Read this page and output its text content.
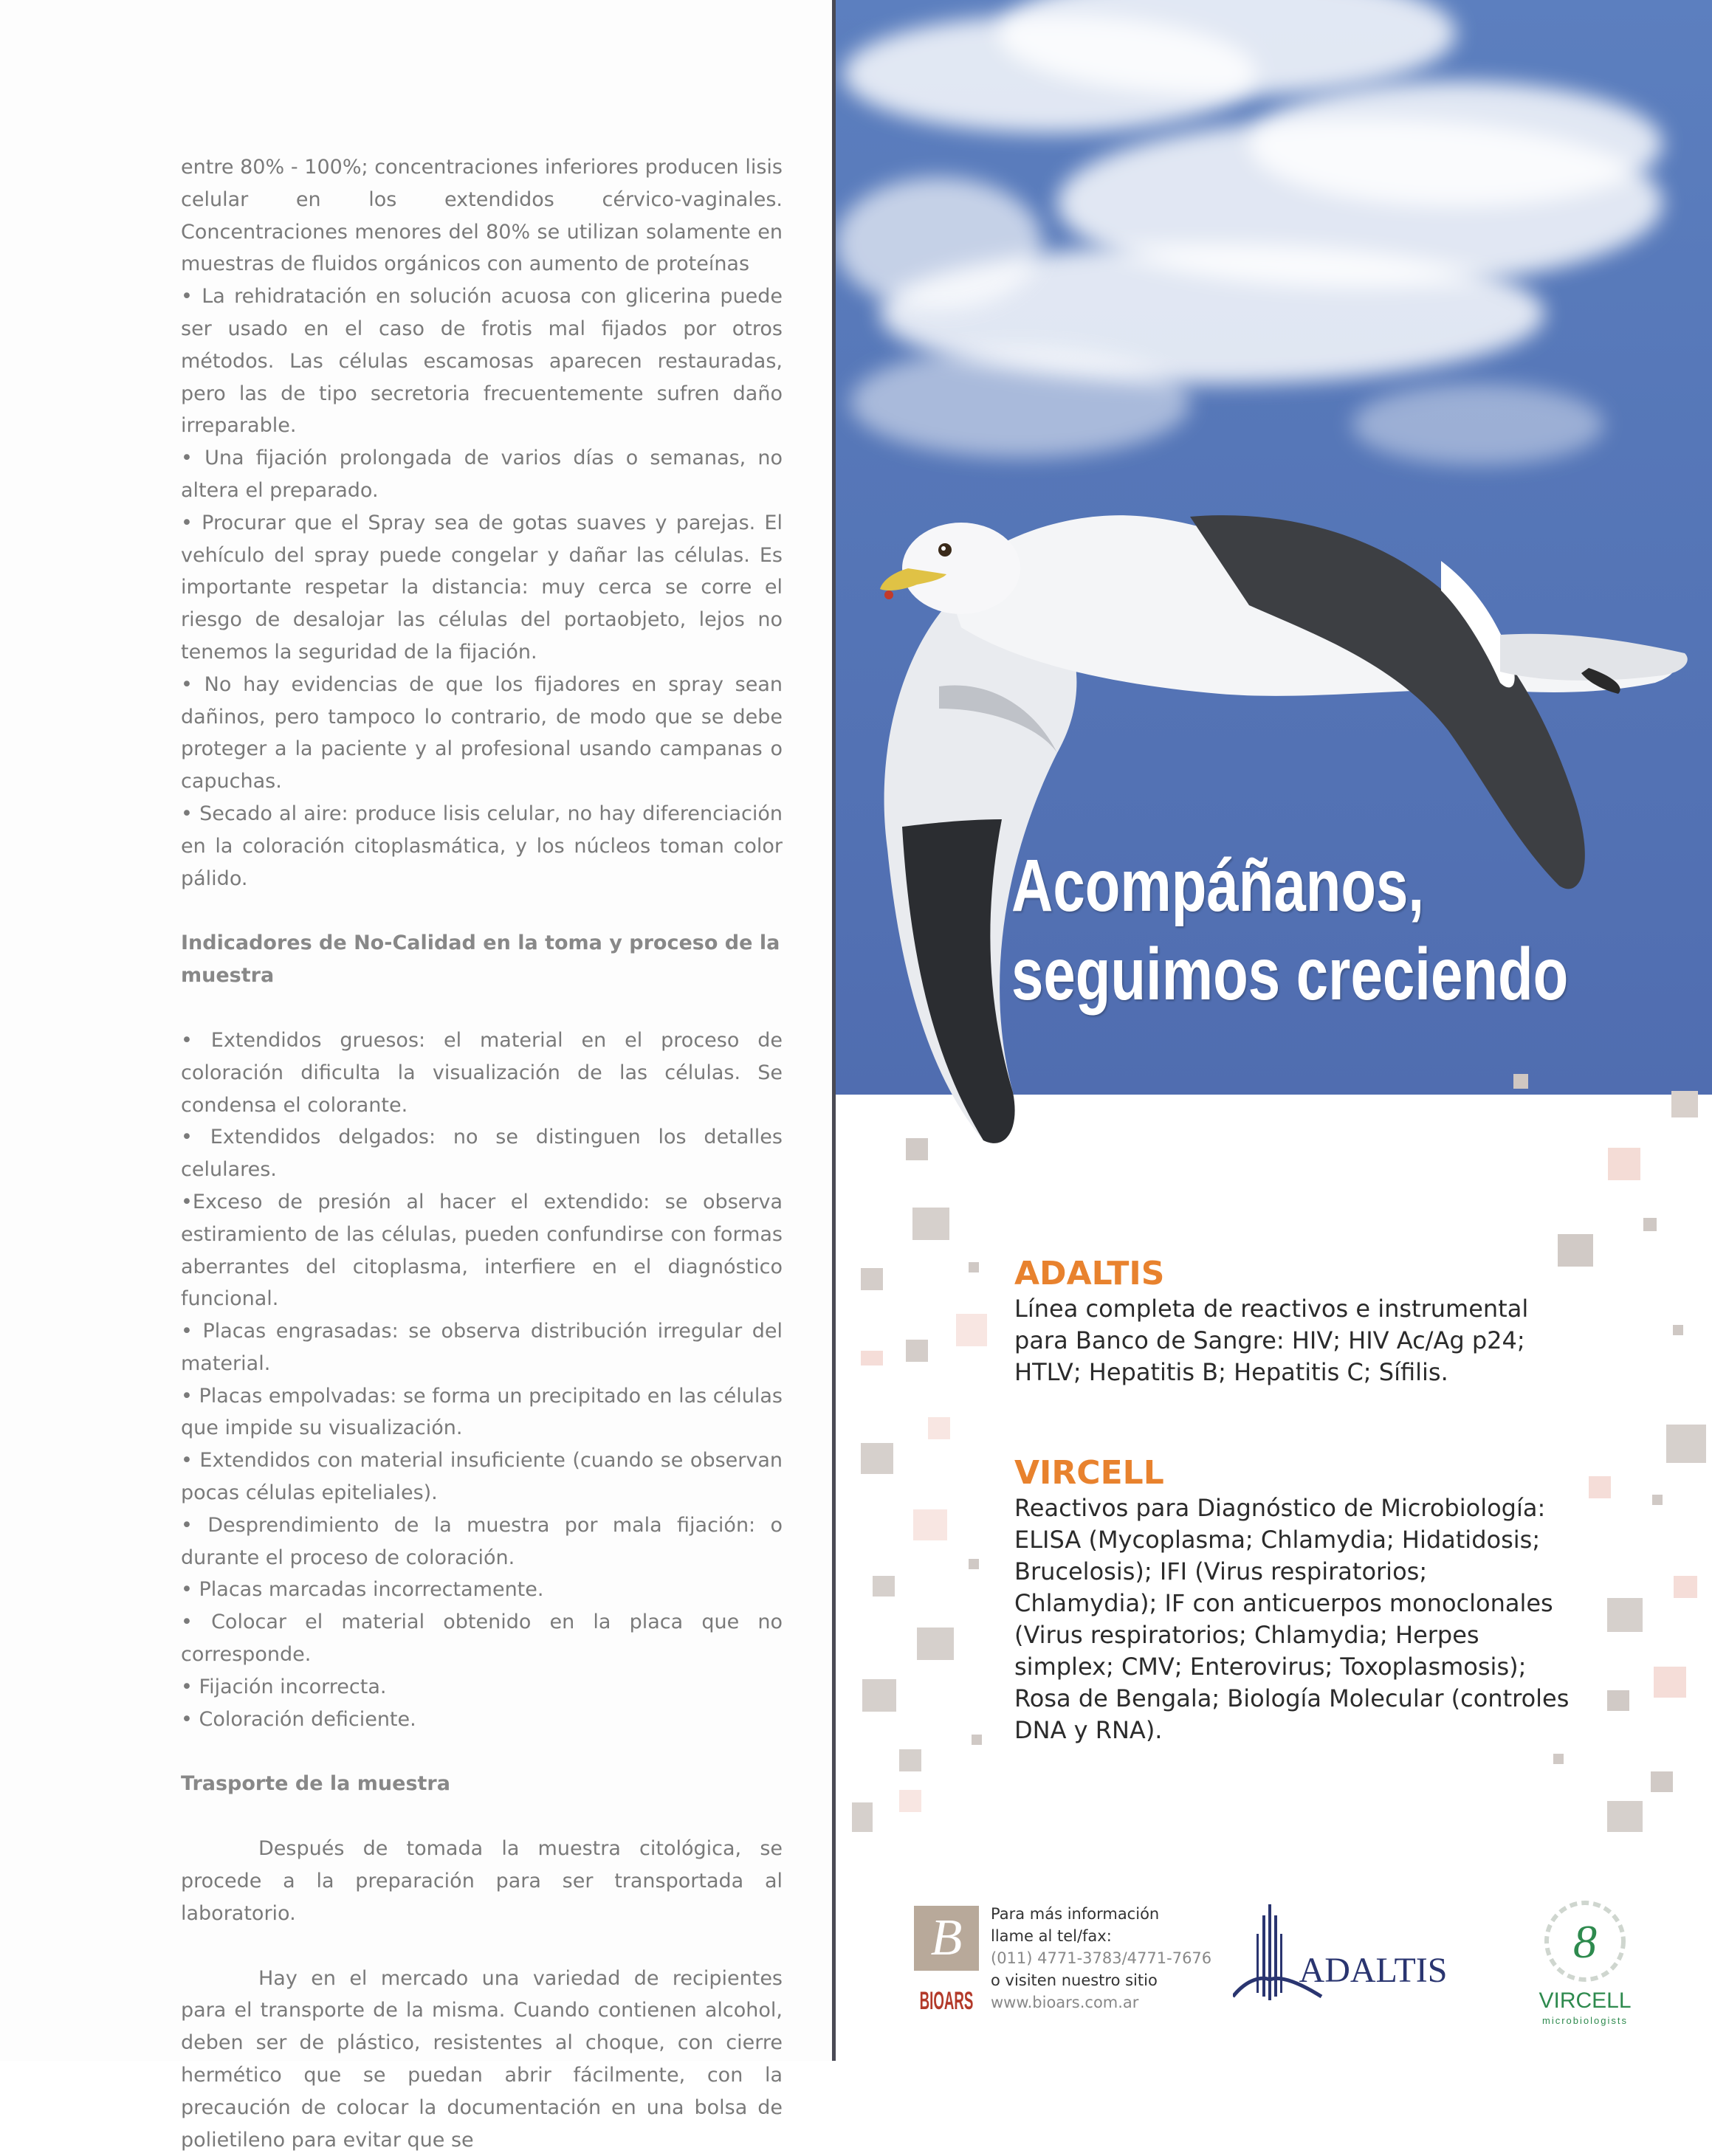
entre 80% - 100%; concentraciones inferiores producen lisis celular en los extendidos cérvico-vaginales. Concentraciones menores del 80% se utilizan solamente en muestras de fluidos orgánicos con aumento de proteínas

• La rehidratación en solución acuosa con glicerina puede ser usado en el caso de frotis mal fijados por otros métodos. Las células escamosas aparecen restauradas, pero las de tipo secretoria frecuentemente sufren daño irreparable.

• Una fijación prolongada de varios días o semanas, no altera el preparado.

• Procurar que el Spray sea de gotas suaves y parejas. El vehículo del spray puede congelar y dañar las células. Es importante respetar la distancia: muy cerca se corre el riesgo de desalojar las células del portaobjeto, lejos no tenemos la seguridad de la fijación.

• No hay evidencias de que los fijadores en spray sean dañinos, pero tampoco lo contrario, de modo que se debe proteger a la paciente y al profesional usando campanas o capuchas.

• Secado al aire: produce lisis celular, no hay diferenciación en la coloración citoplasmática, y los núcleos toman color pálido.

Indicadores de No-Calidad en la toma y proceso de la muestra

• Extendidos gruesos: el material en el proceso de coloración dificulta la visualización de las células. Se condensa el colorante.

• Extendidos delgados: no se distinguen los detalles celulares.

•Exceso de presión al hacer el extendido: se observa estiramiento de las células, pueden confundirse con formas aberrantes del citoplasma, interfiere en el diagnóstico funcional.

• Placas engrasadas: se observa distribución irregular del material.

• Placas empolvadas: se forma un precipitado en las células que impide su visualización.

• Extendidos con material insuficiente (cuando se observan pocas células epiteliales).

• Desprendimiento de la muestra por mala fijación: o durante el proceso de coloración.

• Placas marcadas incorrectamente.

• Colocar el material obtenido en la placa que no corresponde.

• Fijación incorrecta.

• Coloración deficiente.

Trasporte de la muestra

Después de tomada la muestra citológica, se procede a la preparación para ser transportada al laboratorio.

Hay en el mercado una variedad de recipientes para el transporte de la misma. Cuando contienen alcohol, deben ser de plástico, resistentes al choque, con cierre hermético que se puedan abrir fácilmente, con la precaución de colocar la documentación en una bolsa de polietileno para evitar que se

Acompáñanos,
seguimos creciendo
ADALTIS
Línea completa de reactivos e instrumental para Banco de Sangre: HIV; HIV Ac/Ag p24; HTLV; Hepatitis B; Hepatitis C; Sífilis.
VIRCELL
Reactivos para Diagnóstico de Microbiología: ELISA (Mycoplasma; Chlamydia; Hidatidosis; Brucelosis); IFI (Virus respiratorios; Chlamydia); IF con anticuerpos monoclonales (Virus respiratorios; Chlamydia; Herpes simplex; CMV; Enterovirus; Toxoplasmosis); Rosa de Bengala; Biología Molecular (controles DNA y RNA).
B
BIOARS
Para más información
llame al tel/fax:
(011) 4771-3783/4771-7676
o visiten nuestro sitio
www.bioars.com.ar
ADALTIS
8
VIRCELL
microbiologists
